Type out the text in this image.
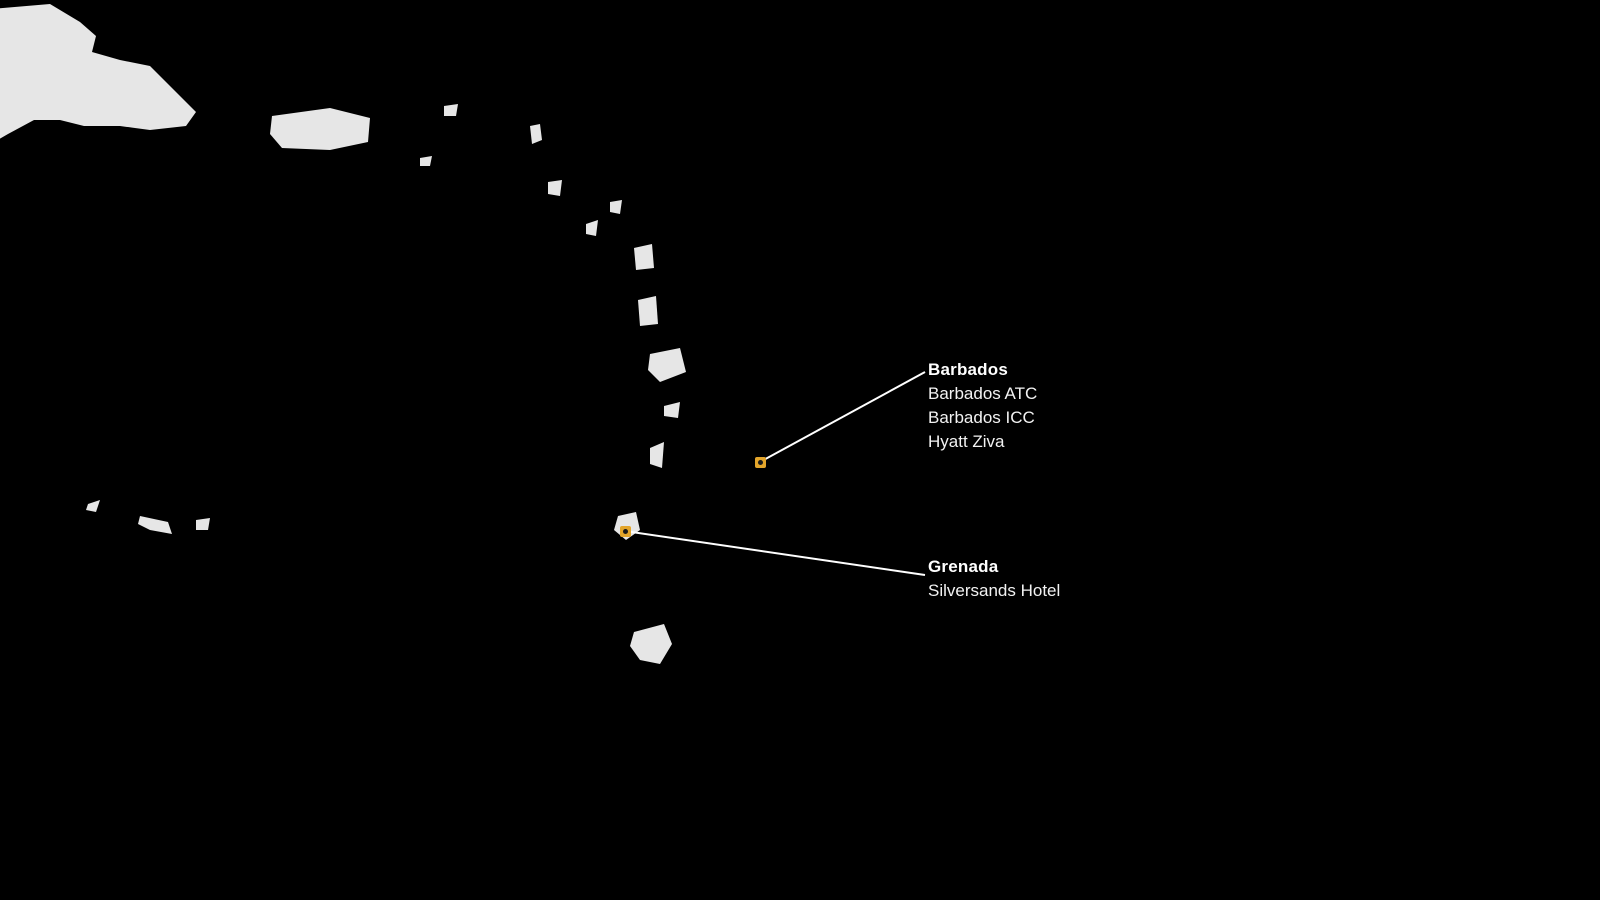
Barbados
Barbados ATC
Barbados ICC
Hyatt Ziva
Grenada
Silversands Hotel
